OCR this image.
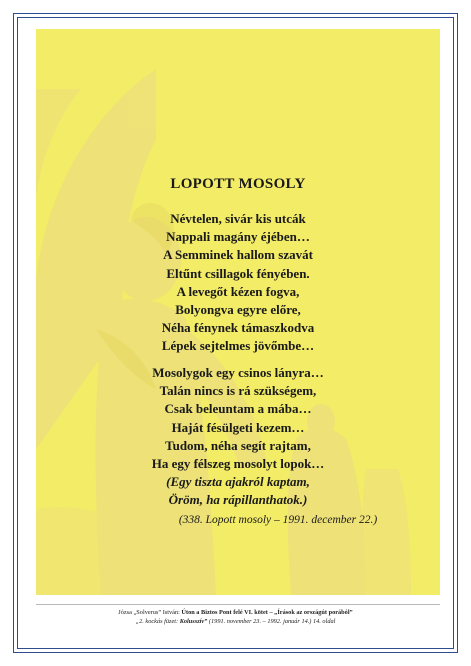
LOPOTT MOSOLY
Névtelen, sivár kis utcák
Nappali magány éjében…
A Semminek hallom szavát
Eltűnt csillagok fényében.
A levegőt kézen fogva,
Bolyongva egyre előre,
Néha fénynek támaszkodva
Lépek sejtelmes jövőmbe…
Mosolygok egy csinos lányra…
Talán nincs is rá szükségem,
Csak beleuntam a mába…
Haját fésülgeti kezem…
Tudom, néha segít rajtam,
Ha egy félszeg mosolyt lopok…
(Egy tiszta ajakról kaptam,
Öröm, ha rápillanthatok.)
(338. Lopott mosoly – 1991. december 22.)
Józsa „Solverus” István: Úton a Biztos Pont felé VI. kötet – „Írások az országút porából”
„2. kockás füzet: Kolusszív” (1991. november 23. – 1992. január 14.) 14. oldal
